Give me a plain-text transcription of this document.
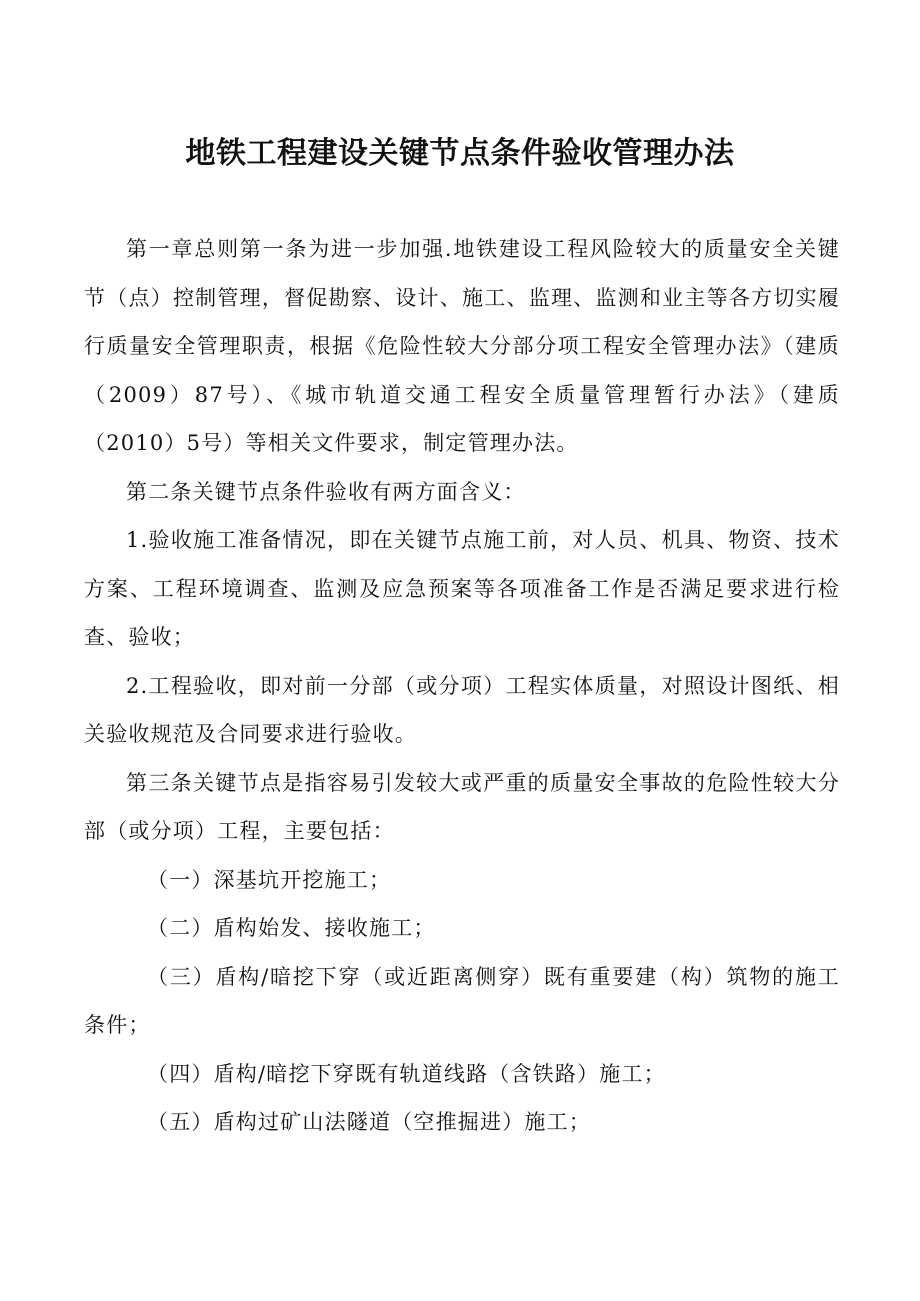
地铁工程建设关键节点条件验收管理办法

第一章总则第一条为进一步加强.地铁建设工程风险较大的质量安全关键节（点）控制管理，督促勘察、设计、施工、监理、监测和业主等各方切实履行质量安全管理职责，根据《危险性较大分部分项工程安全管理办法》（建质（2009）87号）、《城市轨道交通工程安全质量管理暂行办法》（建质（2010）5号）等相关文件要求，制定管理办法。

第二条关键节点条件验收有两方面含义：

1.验收施工准备情况，即在关键节点施工前，对人员、机具、物资、技术方案、工程环境调查、监测及应急预案等各项准备工作是否满足要求进行检查、验收；

2.工程验收，即对前一分部（或分项）工程实体质量，对照设计图纸、相关验收规范及合同要求进行验收。

第三条关键节点是指容易引发较大或严重的质量安全事故的危险性较大分部（或分项）工程，主要包括：

（一）深基坑开挖施工；

（二）盾构始发、接收施工；

（三）盾构/暗挖下穿（或近距离侧穿）既有重要建（构）筑物的施工条件；

（四）盾构/暗挖下穿既有轨道线路（含铁路）施工；

（五）盾构过矿山法隧道（空推掘进）施工；
